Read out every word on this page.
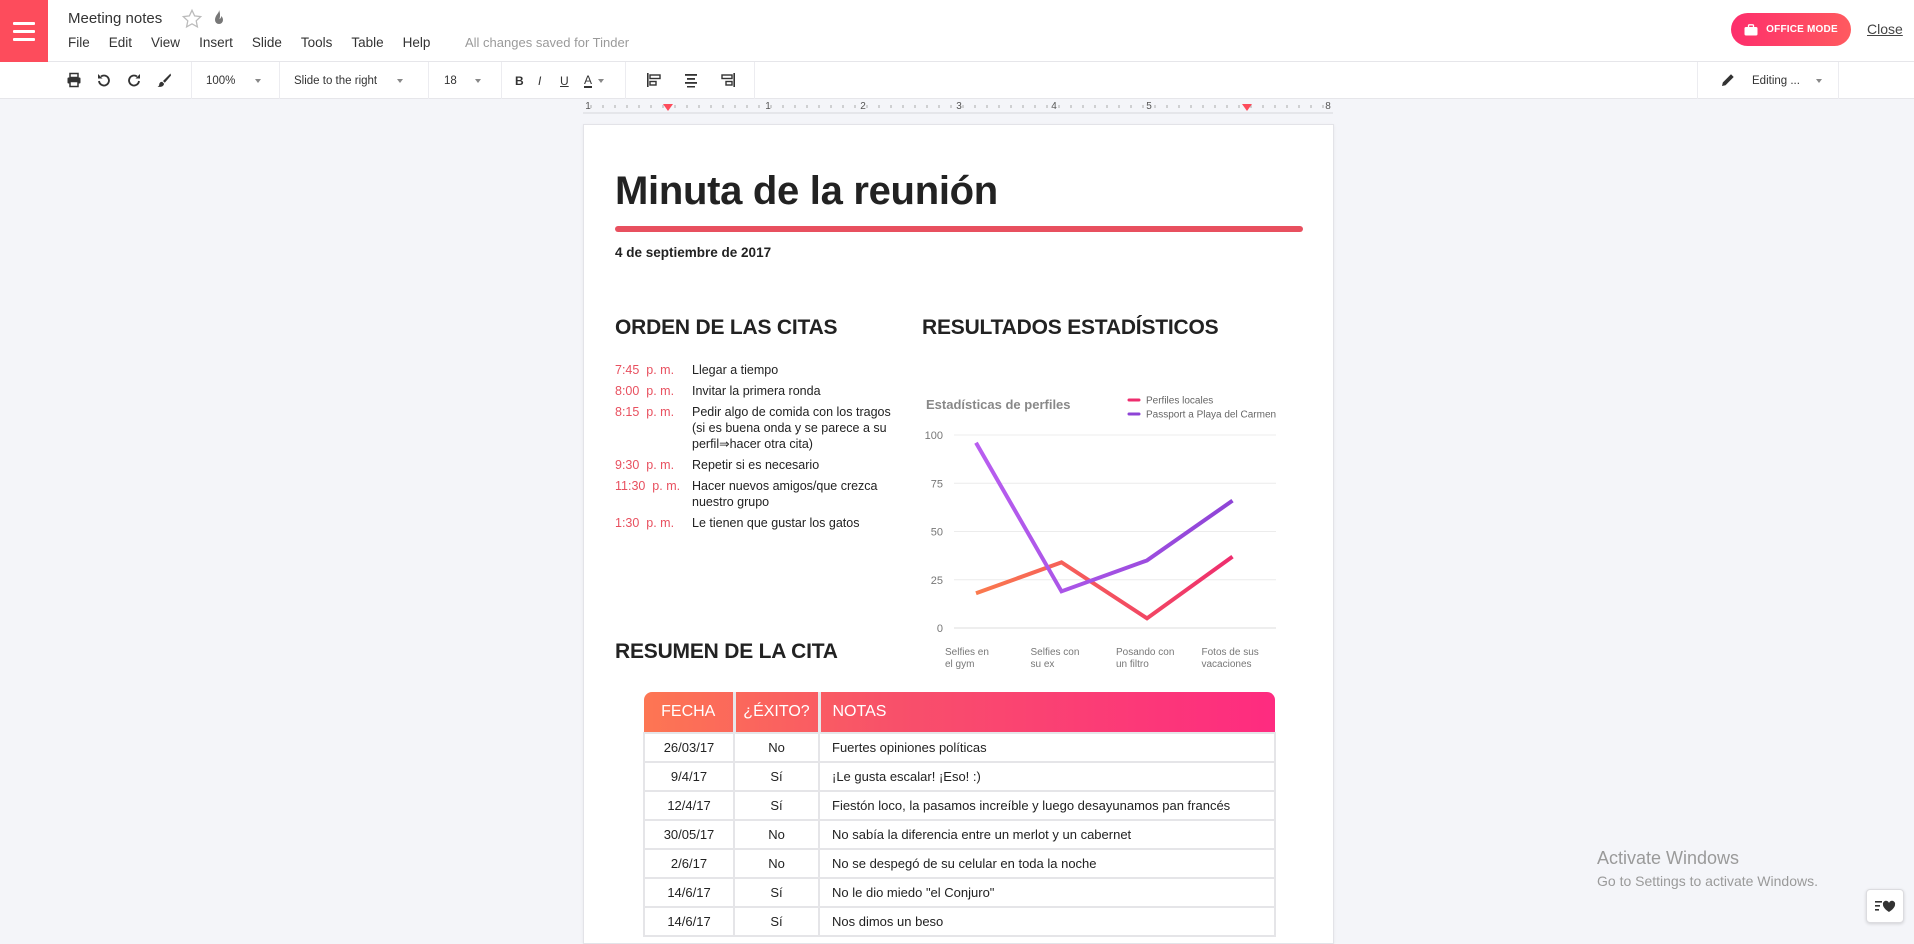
Meeting notes
File Edit View Insert Slide Tools Table Help	All changes saved for Tinder
OFFICE MODE Close
100%	Slide to the right	18	B I U A	Editing ...
1	1	2	3	4	5	8
Minuta de la reunión
4 de septiembre de 2017
ORDEN DE LAS CITAS
7:45  p. m.	Llegar a tiempo
8:00  p. m.	Invitar la primera ronda
8:15  p. m.	Pedir algo de comida con los tragos (si es buena onda y se parece a su perfil⇒hacer otra cita)
9:30  p. m.	Repetir si es necesario
11:30  p. m. Hacer nuevos amigos/que crezca nuestro grupo
1:30  p. m.	Le tienen que gustar los gatos
RESULTADOS ESTADÍSTICOS
Estadísticas de perfiles	Perfiles locales
Passport a Playa del Carmen
0
25
50
75
100
Selfies en
el gym
Selfies con
su ex
Posando con
un filtro
Fotos de sus
vacaciones
RESUMEN DE LA CITA
FECHA	¿ÉXITO?	NOTAS
26/03/17	No	Fuertes opiniones políticas
9/4/17	Sí	¡Le gusta escalar! ¡Eso! :)
12/4/17	Sí	Fiestón loco, la pasamos increíble y luego desayunamos pan francés
30/05/17	No	No sabía la diferencia entre un merlot y un cabernet
2/6/17	No	No se despegó de su celular en toda la noche
14/6/17	Sí	No le dio miedo "el Conjuro"
14/6/17	Sí	Nos dimos un beso
Activate Windows
Go to Settings to activate Windows.
